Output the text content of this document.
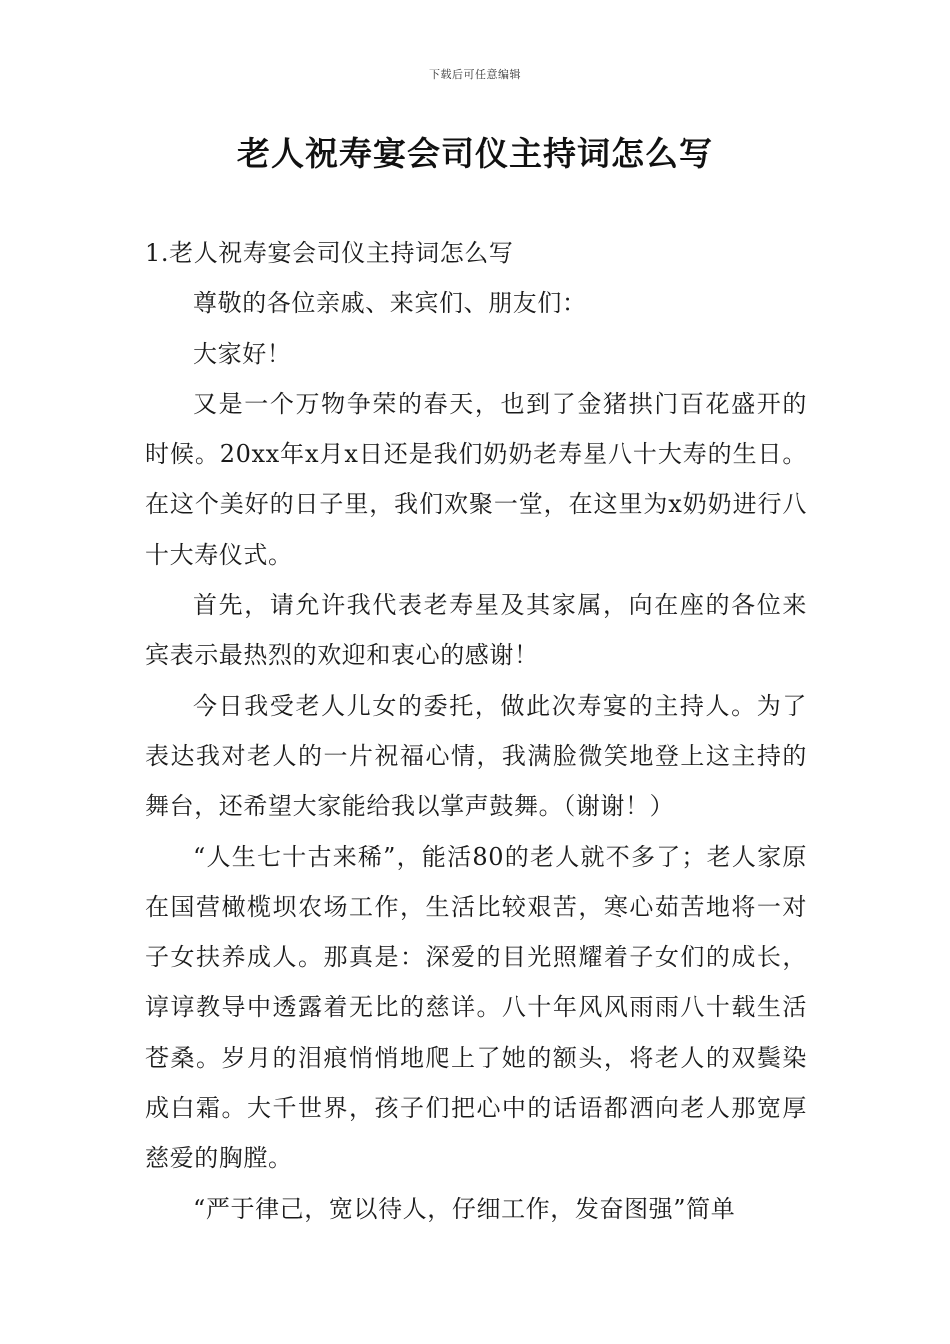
下载后可任意编辑
老人祝寿宴会司仪主持词怎么写

1.老人祝寿宴会司仪主持词怎么写

尊敬的各位亲戚、来宾们、朋友们：

大家好！

又是一个万物争荣的春天，也到了金猪拱门百花盛开的时候。20xx年x月x日还是我们奶奶老寿星八十大寿的生日。在这个美好的日子里，我们欢聚一堂，在这里为x奶奶进行八十大寿仪式。

首先，请允许我代表老寿星及其家属，向在座的各位来宾表示最热烈的欢迎和衷心的感谢！

今日我受老人儿女的委托，做此次寿宴的主持人。为了表达我对老人的一片祝福心情，我满脸微笑地登上这主持的舞台，还希望大家能给我以掌声鼓舞。（谢谢！）

“人生七十古来稀”，能活80的老人就不多了；老人家原在国营橄榄坝农场工作，生活比较艰苦，寒心茹苦地将一对子女扶养成人。那真是：深爱的目光照耀着子女们的成长，谆谆教导中透露着无比的慈详。八十年风风雨雨八十载生活苍桑。岁月的泪痕悄悄地爬上了她的额头，将老人的双鬓染成白霜。大千世界，孩子们把心中的话语都洒向老人那宽厚慈爱的胸膛。

“严于律己，宽以待人，仔细工作，发奋图强”简单
